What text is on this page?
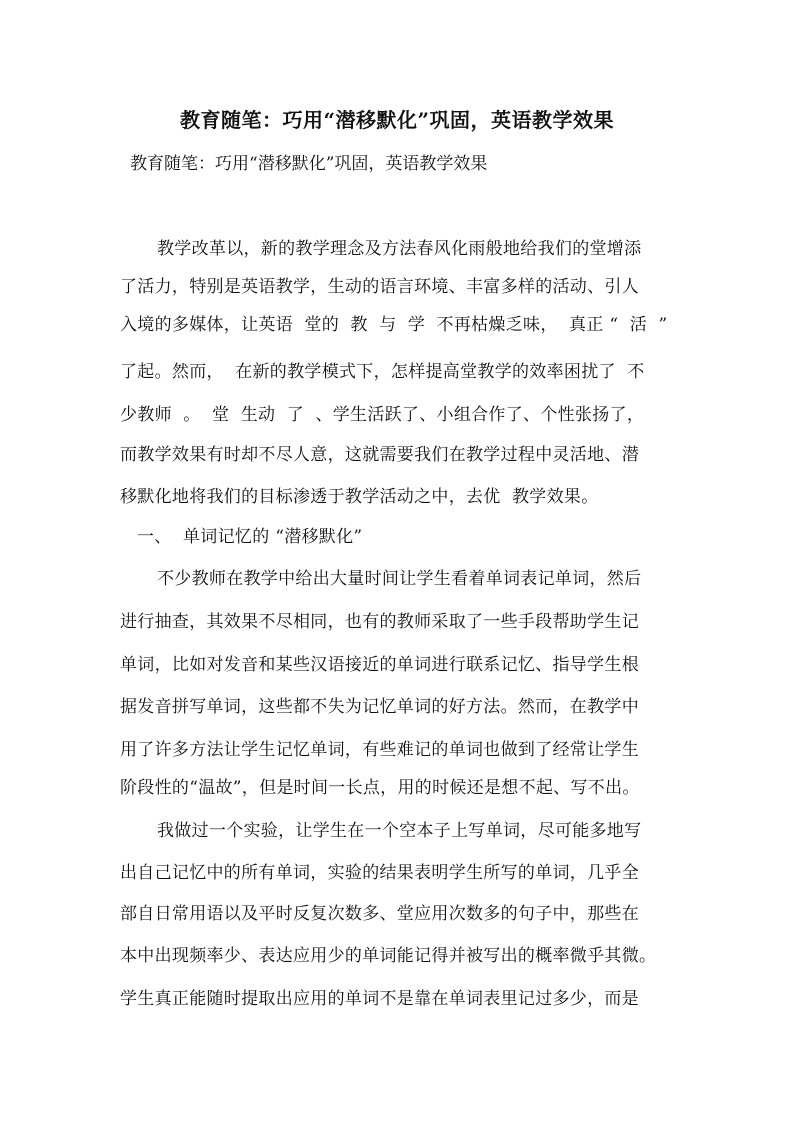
教育随笔：巧用“潜移默化”巩固，英语教学效果
教育随笔：巧用“潜移默化”巩固，英语教学效果
教学改革以，新的教学理念及方法春风化雨般地给我们的堂增添
了活力，特别是英语教学，生动的语言环境、丰富多样的活动、引人
入境的多媒体，让英语  堂的  教  与  学  不再枯燥乏味，  真正 “  活  ”
了起。然而，  在新的教学模式下，怎样提高堂教学的效率困扰了  不
少教师  。  堂  生动  了  、学生活跃了、小组合作了、个性张扬了，
而教学效果有时却不尽人意，这就需要我们在教学过程中灵活地、潜
移默化地将我们的目标渗透于教学活动之中，去优  教学效果。
一、  单词记忆的 “潜移默化”
不少教师在教学中给出大量时间让学生看着单词表记单词，然后
进行抽查，其效果不尽相同，也有的教师采取了一些手段帮助学生记
单词，比如对发音和某些汉语接近的单词进行联系记忆、指导学生根
据发音拼写单词，这些都不失为记忆单词的好方法。然而，在教学中
用了许多方法让学生记忆单词，有些难记的单词也做到了经常让学生
阶段性的“温故”，但是时间一长点，用的时候还是想不起、写不出。
我做过一个实验，让学生在一个空本子上写单词，尽可能多地写
出自己记忆中的所有单词，实验的结果表明学生所写的单词，几乎全
部自日常用语以及平时反复次数多、堂应用次数多的句子中，那些在
本中出现频率少、表达应用少的单词能记得并被写出的概率微乎其微。
学生真正能随时提取出应用的单词不是靠在单词表里记过多少，而是
